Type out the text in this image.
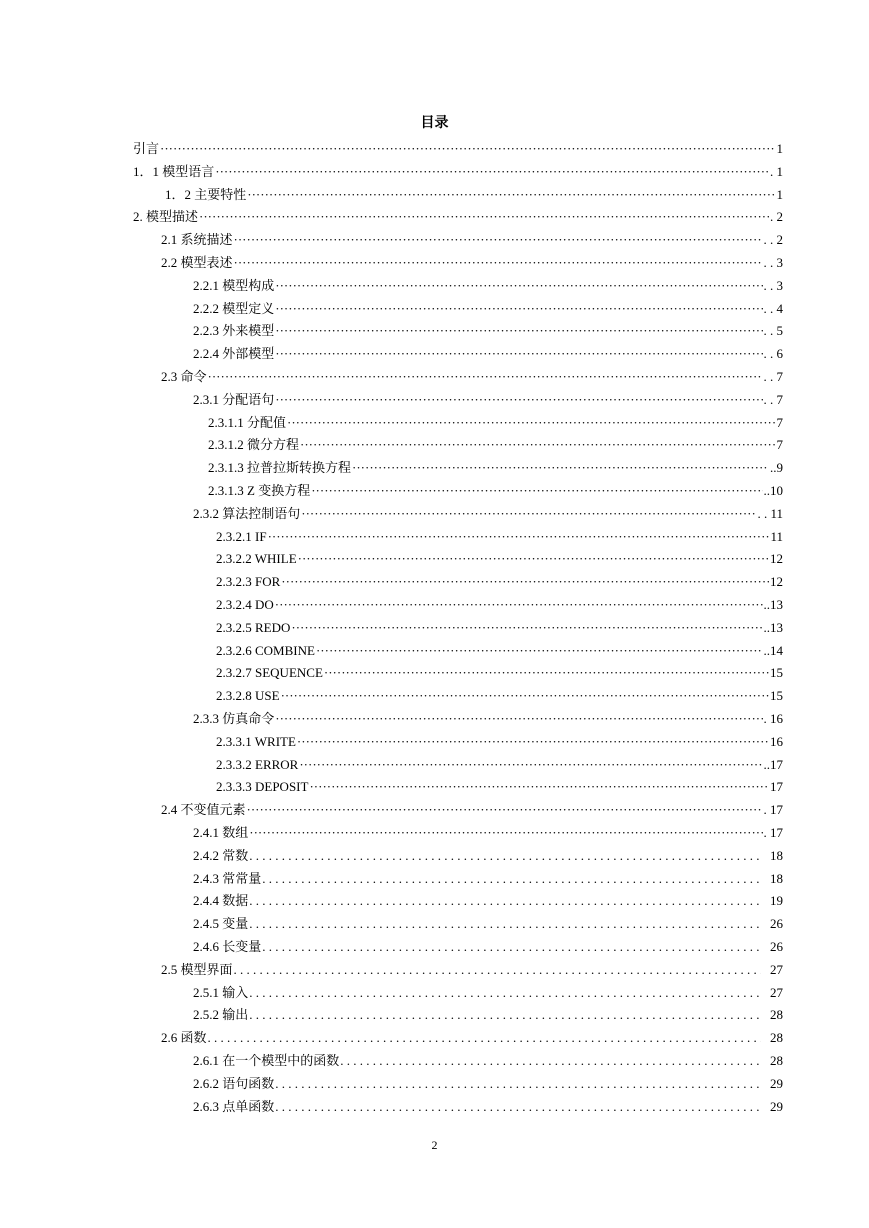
目录
引言 ·····	1
1．1 模型语言 ·····	. 1
1．2 主要特性 ·····	1
2. 模型描述 ·····	. 2
2.1 系统描述 ·····	. . 2
2.2 模型表述 ·····	. . 3
2.2.1 模型构成 ·····	. . 3
2.2.2 模型定义 ·····	. . 4
2.2.3 外来模型 ·····	. . 5
2.2.4 外部模型 ·····	. . 6
2.3 命令 ·····	. . 7
2.3.1 分配语句 ·····	. . 7
2.3.1.1 分配值 ·····	7
2.3.1.2 微分方程 ·····	7
2.3.1.3 拉普拉斯转换方程 ·····	..9
2.3.1.3 Z 变换方程 ·····	..10
2.3.2 算法控制语句 ·····	. . 11
2.3.2.1 IF ·····	11
2.3.2.2 WHILE ·····	12
2.3.2.3 FOR ·····	12
2.3.2.4 DO ·····	..13
2.3.2.5 REDO ·····	..13
2.3.2.6 COMBINE ·····	..14
2.3.2.7 SEQUENCE ·····	15
2.3.2.8 USE ·····	15
2.3.3 仿真命令 ·····	. 16
2.3.3.1 WRITE ·····	16
2.3.3.2 ERROR ·····	..17
2.3.3.3 DEPOSIT ·····	17
2.4 不变值元素 ·····	. 17
2.4.1 数组 ·····	. 17
2.4.2 常数 . . .	18
2.4.3 常常量 . . .	18
2.4.4 数据 . . .	19
2.4.5 变量 . . .	26
2.4.6 长变量 . . .	26
2.5 模型界面 . . .	27
2.5.1 输入 . . .	27
2.5.2 输出 . . .	28
2.6 函数 . . .	28
2.6.1 在一个模型中的函数 . . .	28
2.6.2 语句函数 . . .	29
2.6.3 点单函数 . . .	29
2
